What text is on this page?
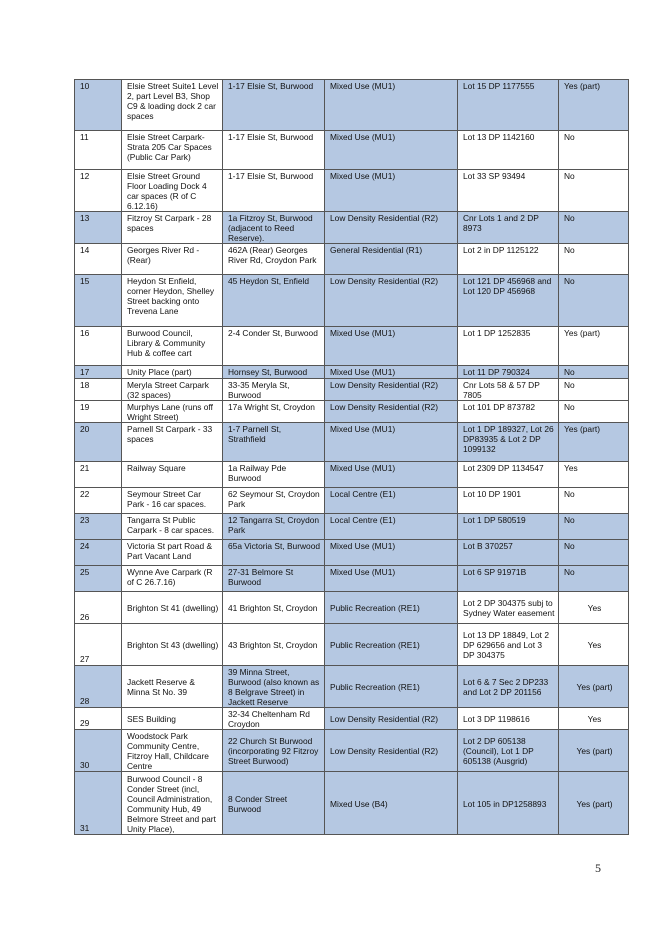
10	Elsie Street Suite1 Level 2, part Level B3, Shop C9 & loading dock 2 car spaces	1-17 Elsie St, Burwood	Mixed Use (MU1)	Lot 15 DP 1177555	Yes (part)
11	Elsie Street Carpark- Strata 205 Car Spaces (Public Car Park)	1-17 Elsie St, Burwood	Mixed Use (MU1)	Lot 13 DP 1142160	No
12	Elsie Street Ground Floor Loading Dock 4 car spaces (R of C 6.12.16)	1-17 Elsie St, Burwood	Mixed Use (MU1)	Lot 33 SP 93494	No
13	Fitzroy St Carpark - 28 spaces	1a Fitzroy St, Burwood (adjacent to Reed Reserve).	Low Density Residential (R2)	Cnr Lots 1 and 2 DP 8973	No
14	Georges River Rd - (Rear)	462A (Rear) Georges River Rd, Croydon Park	General Residential (R1)	Lot 2 in DP 1125122	No
15	Heydon St Enfield, corner Heydon, Shelley Street backing onto Trevena Lane	45 Heydon St, Enfield	Low Density Residential (R2)	Lot 121 DP 456968 and Lot 120 DP 456968	No
16	Burwood Council, Library & Community Hub & coffee cart	2-4 Conder St, Burwood	Mixed Use (MU1)	Lot 1 DP 1252835	Yes (part)
17	Unity Place (part)	Hornsey St, Burwood	Mixed Use (MU1)	Lot 11 DP 790324	No
18	Meryla Street Carpark (32 spaces)	33-35 Meryla St, Burwood	Low Density Residential (R2)	Cnr Lots 58 & 57 DP 7805	No
19	Murphys Lane (runs off Wright Street)	17a Wright St, Croydon	Low Density Residential (R2)	Lot 101 DP 873782	No
20	Parnell St Carpark - 33 spaces	1-7 Parnell St, Strathfield	Mixed Use (MU1)	Lot 1 DP 189327, Lot 26 DP83935 & Lot 2 DP 1099132	Yes (part)
21	Railway Square	1a Railway Pde Burwood	Mixed Use (MU1)	Lot 2309 DP 1134547	Yes
22	Seymour Street Car Park - 16 car spaces.	62 Seymour St, Croydon Park	Local Centre (E1)	Lot 10 DP 1901	No
23	Tangarra St Public Carpark - 8 car spaces.	12 Tangarra St, Croydon Park	Local Centre (E1)	Lot 1 DP 580519	No
24	Victoria St part Road & Part Vacant Land	65a Victoria St, Burwood	Mixed Use (MU1)	Lot B 370257	No
25	Wynne Ave Carpark (R of C 26.7.16)	27-31 Belmore St Burwood	Mixed Use (MU1)	Lot 6 SP 91971B	No
26	Brighton St 41 (dwelling)	41 Brighton St, Croydon	Public Recreation (RE1)	Lot 2 DP 304375 subj to Sydney Water easement	Yes
27	Brighton St 43 (dwelling)	43 Brighton St, Croydon	Public Recreation (RE1)	Lot 13 DP 18849, Lot 2 DP 629656 and Lot 3 DP 304375	Yes
28	Jackett Reserve & Minna St No. 39	39 Minna Street, Burwood (also known as 8 Belgrave Street) in Jackett Reserve	Public Recreation (RE1)	Lot 6 & 7 Sec 2 DP233 and Lot 2 DP 201156	Yes (part)
29	SES Building	32-34 Cheltenham Rd Croydon	Low Density Residential (R2)	Lot 3 DP 1198616	Yes
30	Woodstock Park Community Centre, Fitzroy Hall, Childcare Centre	22 Church St Burwood (incorporating 92 Fitzroy Street Burwood)	Low Density Residential (R2)	Lot 2 DP 605138 (Council), Lot 1 DP 605138 (Ausgrid)	Yes (part)
31	Burwood Council - 8 Conder Street (incl, Council Administration, Community Hub, 49 Belmore Street and part Unity Place),	8 Conder Street Burwood	Mixed Use (B4)	Lot 105 in DP1258893	Yes (part)
5
